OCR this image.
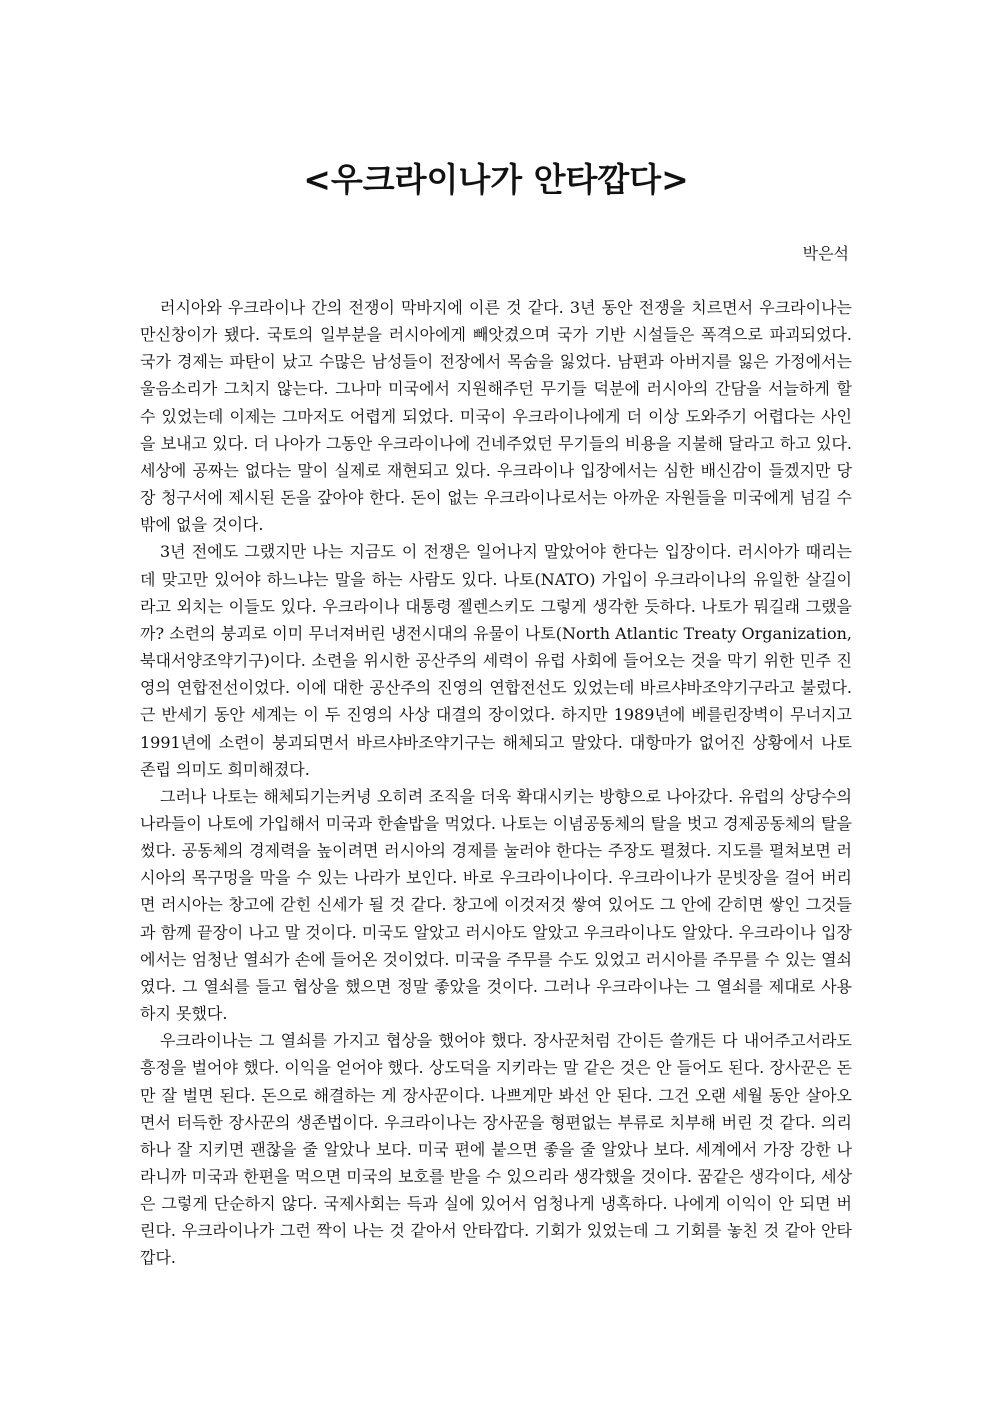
<우크라이나가 안타깝다>
박은석

러시아와 우크라이나 간의 전쟁이 막바지에 이른 것 같다. 3년 동안 전쟁을 치르면서 우크라이나는 만신창이가 됐다. 국토의 일부분을 러시아에게 빼앗겼으며 국가 기반 시설들은 폭격으로 파괴되었다. 국가 경제는 파탄이 났고 수많은 남성들이 전장에서 목숨을 잃었다. 남편과 아버지를 잃은 가정에서는 울음소리가 그치지 않는다. 그나마 미국에서 지원해주던 무기들 덕분에 러시아의 간담을 서늘하게 할 수 있었는데 이제는 그마저도 어렵게 되었다. 미국이 우크라이나에게 더 이상 도와주기 어렵다는 사인을 보내고 있다. 더 나아가 그동안 우크라이나에 건네주었던 무기들의 비용을 지불해 달라고 하고 있다. 세상에 공짜는 없다는 말이 실제로 재현되고 있다. 우크라이나 입장에서는 심한 배신감이 들겠지만 당장 청구서에 제시된 돈을 갚아야 한다. 돈이 없는 우크라이나로서는 아까운 자원들을 미국에게 넘길 수밖에 없을 것이다.

3년 전에도 그랬지만 나는 지금도 이 전쟁은 일어나지 말았어야 한다는 입장이다. 러시아가 때리는데 맞고만 있어야 하느냐는 말을 하는 사람도 있다. 나토(NATO) 가입이 우크라이나의 유일한 살길이라고 외치는 이들도 있다. 우크라이나 대통령 젤렌스키도 그렇게 생각한 듯하다. 나토가 뭐길래 그랬을까? 소련의 붕괴로 이미 무너져버린 냉전시대의 유물이 나토(North Atlantic Treaty Organization, 북대서양조약기구)이다. 소련을 위시한 공산주의 세력이 유럽 사회에 들어오는 것을 막기 위한 민주 진영의 연합전선이었다. 이에 대한 공산주의 진영의 연합전선도 있었는데 바르샤바조약기구라고 불렀다. 근 반세기 동안 세계는 이 두 진영의 사상 대결의 장이었다. 하지만 1989년에 베를린장벽이 무너지고 1991년에 소련이 붕괴되면서 바르샤바조약기구는 해체되고 말았다. 대항마가 없어진 상황에서 나토 존립 의미도 희미해졌다.

그러나 나토는 해체되기는커녕 오히려 조직을 더욱 확대시키는 방향으로 나아갔다. 유럽의 상당수의 나라들이 나토에 가입해서 미국과 한솥밥을 먹었다. 나토는 이념공동체의 탈을 벗고 경제공동체의 탈을 썼다. 공동체의 경제력을 높이려면 러시아의 경제를 눌러야 한다는 주장도 펼쳤다. 지도를 펼쳐보면 러시아의 목구멍을 막을 수 있는 나라가 보인다. 바로 우크라이나이다. 우크라이나가 문빗장을 걸어 버리면 러시아는 창고에 갇힌 신세가 될 것 같다. 창고에 이것저것 쌓여 있어도 그 안에 갇히면 쌓인 그것들과 함께 끝장이 나고 말 것이다. 미국도 알았고 러시아도 알았고 우크라이나도 알았다. 우크라이나 입장에서는 엄청난 열쇠가 손에 들어온 것이었다. 미국을 주무를 수도 있었고 러시아를 주무를 수 있는 열쇠였다. 그 열쇠를 들고 협상을 했으면 정말 좋았을 것이다. 그러나 우크라이나는 그 열쇠를 제대로 사용하지 못했다.

우크라이나는 그 열쇠를 가지고 협상을 했어야 했다. 장사꾼처럼 간이든 쓸개든 다 내어주고서라도 흥정을 벌어야 했다. 이익을 얻어야 했다. 상도덕을 지키라는 말 같은 것은 안 들어도 된다. 장사꾼은 돈만 잘 벌면 된다. 돈으로 해결하는 게 장사꾼이다. 나쁘게만 봐선 안 된다. 그건 오랜 세월 동안 살아오면서 터득한 장사꾼의 생존법이다. 우크라이나는 장사꾼을 형편없는 부류로 치부해 버린 것 같다. 의리 하나 잘 지키면 괜찮을 줄 알았나 보다. 미국 편에 붙으면 좋을 줄 알았나 보다. 세계에서 가장 강한 나라니까 미국과 한편을 먹으면 미국의 보호를 받을 수 있으리라 생각했을 것이다. 꿈같은 생각이다, 세상은 그렇게 단순하지 않다. 국제사회는 득과 실에 있어서 엄청나게 냉혹하다. 나에게 이익이 안 되면 버린다. 우크라이나가 그런 짝이 나는 것 같아서 안타깝다. 기회가 있었는데 그 기회를 놓친 것 같아 안타깝다.
